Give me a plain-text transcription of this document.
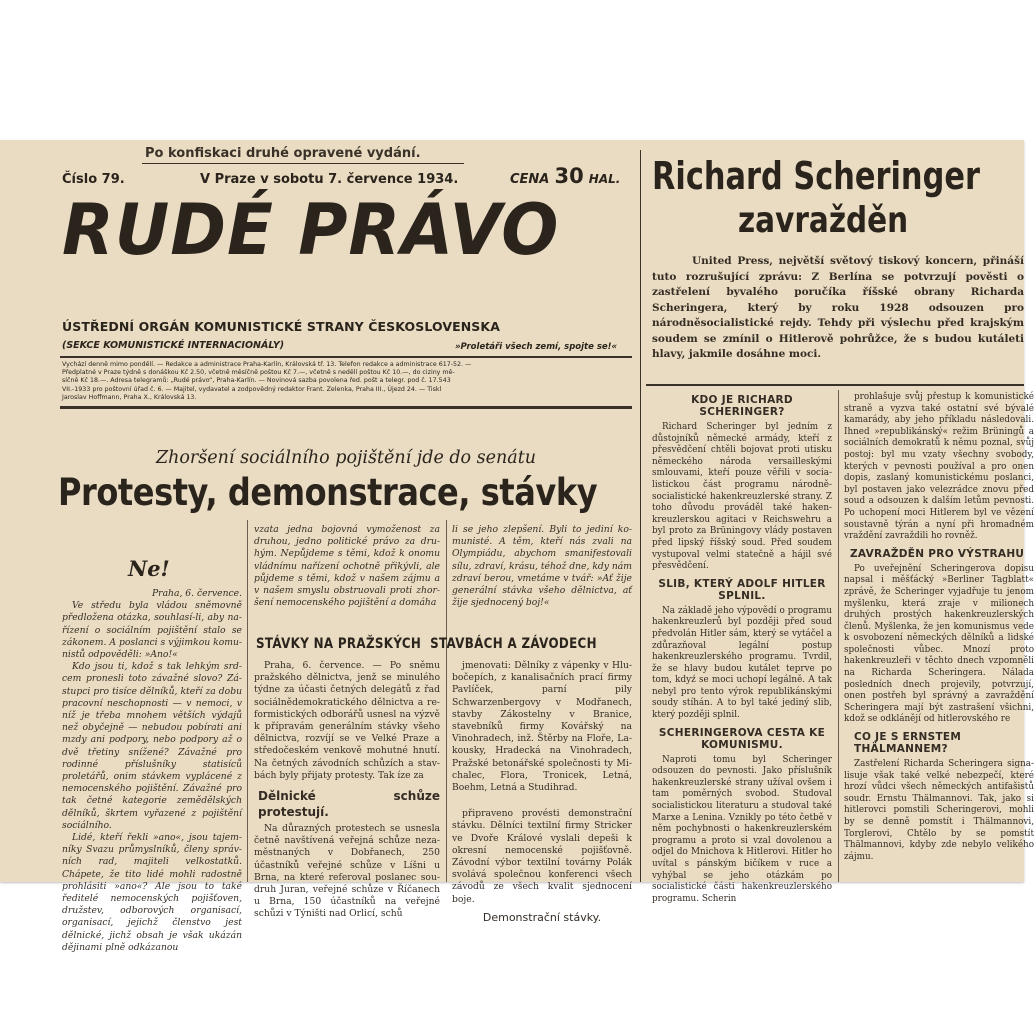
Po konfiskaci druhé opravené vydání.
Číslo 79.	V Praze v sobotu 7. července 1934.	CENA 30 HAL.
RUDÉ PRÁVO
ÚSTŘEDNÍ ORGÁN KOMUNISTICKÉ STRANY ČESKOSLOVENSKA
(SEKCE KOMUNISTICKÉ INTERNACIONÁLY)	»Proletáři všech zemí, spojte se!«
Vychází denně mimo pondělí. — Redakce a administrace Praha-Karlín, Královská tř. 13. Telefon redakce a administrace 617-52. —
Předplatné v Praze týdně s donáškou Kč 2.50, včetně měsíčně poštou Kč 7.—, včetně s nedělí poštou Kč 10.—, do ciziny mě-
síčně Kč 18.—. Adresa telegramů: „Rudé právo“, Praha-Karlín. — Novinová sazba povolena řed. pošt a telegr. pod č. 17.543
VII.-1933 pro poštovní úřad č. 6. — Majitel, vydavatel a zodpovědný redaktor Frant. Zelenka, Praha III., Újezd 24. — Tiskl
Jaroslav Hoffmann, Praha X., Královská 13.
Zhoršení sociálního pojištění jde do senátu
Protesty, demonstrace, stávky
Ne!

Praha, 6. července.

Ve středu byla vládou sněmovně předložena otázka, souhlasí-li, aby nařízení o sociálním pojištění stalo se zákonem. A poslanci s výjimkou komunistů odpověděli: »Ano!«

Kdo jsou ti, kdož s tak lehkým srdcem pronesli toto závažné slovo? Zástupci pro tisíce dělníků, kteří za dobu pracovní neschopnosti — v nemoci, v níž je třeba mnohem větších výdajů než obyčejně — nebudou pobírati ani mzdy ani podpory, nebo podpory až o dvě třetiny snížené? Závažné pro rodinné příslušníky statisíců proletářů, onim stávkem vyplácené z nemocenského pojištění. Závažné pro tak četné kategorie zemědělských dělníků, škrtem vyřazené z pojištění sociálního.

Lidé, kteří řekli »ano«, jsou tajemníky Svazu průmyslníků, členy správních rad, majiteli velkostatků. Chápete, že tito lidé mohli radostně prohlásiti »ano«? Ale jsou to také ředitelé nemocenských pojišťoven, družstev, odborových organisací, organisací, jejichž členstvo jest dělnické, jichž obsah je však ukázán dějinami plně odkázanou

vzata jedna bojovná vymoženost za druhou, jedno politické právo za druhým. Nepůjdeme s těmi, kdož k onomu vládnímu nařízení ochotně přikývli, ale půjdeme s těmi, kdož v našem zájmu a v našem smyslu obstruovali proti zhoršení nemocenského pojištění a domáha

li se jeho zlepšení. Byli to jediní komunisté. A těm, kteří nás zvali na Olympiádu, abychom smanifestovali sílu, zdraví, krásu, téhož dne, kdy nám zdraví berou, vmetáme v tvář: »Ať žije generální stávka všeho dělnictva, ať žije sjednocený boj!«

STÁVKY NA PRAŽSKÝCH  STAVBÁCH A ZÁVODECH

Praha, 6. července. — Po sněmu pražského dělnictva, jenž se minulého týdne za účasti četných delegátů z řad sociálnědemokratického dělnictva a reformistických odborářů usnesl na výzvě k přípravám generálním stávky všeho dělnictva, rozvíjí se ve Velké Praze a středočeském venkově mohutné hnutí. Na četných závodních schůzích a stavbách byly přijaty protesty. Tak íze za

Dělnické schůze protestují.

Na důrazných protestech se usnesla četně navštívená veřejná schůze nezaměstnaných v Dobřanech, 250 účastníků veřejné schůze v Líšni u Brna, na které referoval poslanec soudruh Juran, veřejné schůze v Říčanech u Brna, 150 účastníků na veřejné schůzi v Týništi nad Orlicí, schů

jmenovati: Dělníky z vápenky v Hlubočepích, z kanalisačních prací firmy Pavlíček, parní pily Schwarzenbergovy v Modřanech, stavby Zákostelny v Branice, stavebníků firmy Kovářský na Vinohradech, inž. Štěrby na Floře, Lakousky, Hradecká na Vinohradech, Pražské betonářské společnosti ty Michalec, Flora, Tronicek, Letná, Boehm, Letná a Studihrad.

připraveno provésti demonstrační stávku. Dělníci textilní firmy Stricker ve Dvoře Králové vyslali depeši k okresní nemocenské pojišťovně. Závodní výbor textilní továrny Polák svolává společnou konferenci všech závodů ze všech kvalit sjednocení boje.

Demonstrační stávky.
Richard Scheringer
zavražděn

United Press, největší světový tiskový koncern, přináší tuto rozrušující zprávu: Z Berlína se potvrzují pověsti o zastřelení byvalého poručíka říšské obrany Richarda Scheringera, který by roku 1928 odsouzen pro národněsocialistické rejdy. Tehdy při výslechu před krajským soudem se zmínil o Hitlerově pohrůžce, že s budou kutáleti hlavy, jakmile dosáhne moci.

KDO JE RICHARD SCHERINGER?

Richard Scheringer byl jedním z důstojníků německé armády, kteří z přesvědčení chtěli bojovat proti utisku německého národa versailleskými smlouvami, kteří pouze věřili v socialistickou část programu národněsocialistické hakenkreuzlerské strany. Z toho důvodu prováděl také hakenkreuzlerskou agitaci v Reichswehru a byl proto za Brüningovy vlády postaven před lipský říšský soud. Před soudem vystupoval velmi statečně a hájil své přesvědčení.

SLIB, KTERÝ ADOLF HITLER SPLNIL.

Na základě jeho výpovědí o programu hakenkreuzlerů byl později před soud předvolán Hitler sám, který se vytáčel a zdůrazňoval legální postup hakenkreuzlerského programu. Tvrdil, že se hlavy budou kutálet teprve po tom, kdyź se moci uchopí legálně. A tak nebyl pro tento výrok republikánskými soudy stíhán. A to byl také jediný slib, který později splnil.

SCHERINGEROVA CESTA KE KOMUNISMU.

Naproti tomu byl Scheringer odsouzen do pevnosti. Jako příslušník hakenkreuzlerské strany užíval ovšem i tam poměrných svobod. Studoval socialistickou literaturu a studoval také Marxe a Lenina. Vznikly po této četbě v něm pochybnosti o hakenkreuzlerském programu a proto si vzal dovolenou a odjel do Mnichova k Hitlerovi. Hitler ho uvítal s pánským bičíkem v ruce a vyhýbal se jeho otázkám po socialistické části hakenkreuzlerského programu. Scherin

prohlašuje svůj přestup k komunistické straně a vyzva také ostatní své bývalé kamarády, aby jeho příkladu následovali. Ihned »republikánský« režim Brüningů a sociálních demokratů k němu poznal, svůj postoj: byl mu vzaty všechny svobody, kterých v pevnosti používal a pro onen dopis, zaslaný komunistickému poslanci, byl postaven jako velezrádce znovu před soud a odsouzen k dalším letům pevnosti. Po uchopení moci Hitlerem byl ve vězení soustavně týrán a nyní při hromadném vraždění zavraždili ho rovněž.

ZAVRAŽDĚN PRO VÝSTRAHU

Po uveřejnění Scheringerova dopisu napsal i měšťácký »Berliner Tagblatt« zprávě, že Scheringer vyjadřuje tu jenom myšlenku, která zraje v milionech druhých prostých hakenkreuzlerských členů. Myšlenka, že jen komunismus vede k osvobození německých dělníků a lidské společnosti vůbec. Mnozí proto hakenkreuzleři v těchto dnech vzpomněli na Richarda Scheringera. Nálada posledních dnech projevily, potvrzují, onen postřeh byl správný a zavraždění Scheringera mají být zastrašení všichni, kdož se odklánějí od hitlerovského re

CO JE S ERNSTEM THÄLMANNEM?

Zastřelení Richarda Scheringera signalisuje však také velké nebezpečí, které hrozí vůdci všech německých antifašistů soudr. Ernstu Thälmannovi. Tak, jako si hitlerovci pomstili Scheringerovi, mohli by se denně pomstít i Thälmannovi, Torglerovi, Chtělo by se pomstít Thälmannovi, kdyby zde nebylo velikého zájmu.
